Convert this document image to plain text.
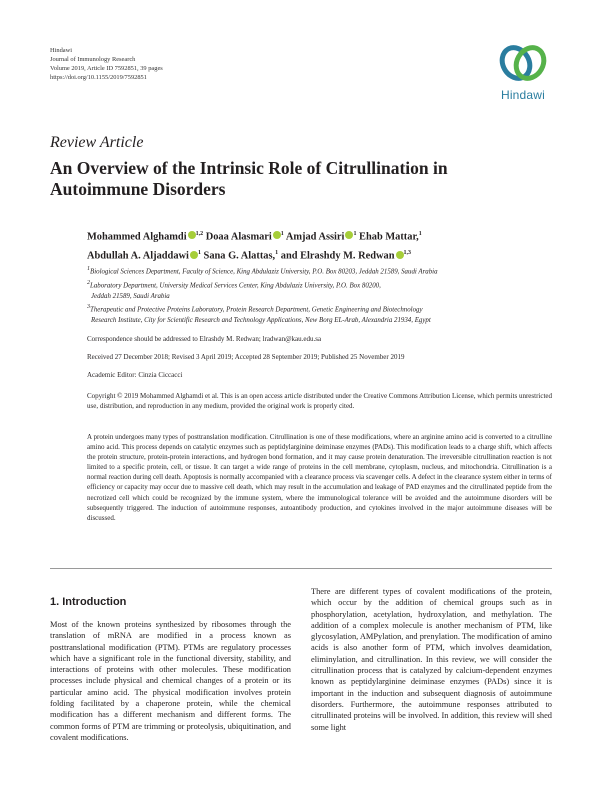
Hindawi
Journal of Immunology Research
Volume 2019, Article ID 7592851, 39 pages
https://doi.org/10.1155/2019/7592851
Hindawi
Review Article
An Overview of the Intrinsic Role of Citrullination in Autoimmune Disorders
Mohammed Alghamdi $^{1,2}$ Doaa Alasmari $^1$ Amjad Assiri $^1$ Ehab Mattar,$^1$
Abdullah A. Aljaddawi $^1$ Sana G. Alattas,$^1$ and Elrashdy M. Redwan $^{1,3}$

$^1$Biological Sciences Department, Faculty of Science, King Abdulaziz University, P.O. Box 80203, Jeddah 21589, Saudi Arabia

$^2$Laboratory Department, University Medical Services Center, King Abdulaziz University, P.O. Box 80200,

Jeddah 21589, Saudi Arabia

$^3$Therapeutic and Protective Proteins Laboratory, Protein Research Department, Genetic Engineering and Biotechnology

Research Institute, City for Scientific Research and Technology Applications, New Borg EL-Arab, Alexandria 21934, Egypt

Correspondence should be addressed to Elrashdy M. Redwan; lradwan@kau.edu.sa
Received 27 December 2018; Revised 3 April 2019; Accepted 28 September 2019; Published 25 November 2019
Academic Editor: Cinzia Ciccacci

Copyright © 2019 Mohammed Alghamdi et al. This is an open access article distributed under the Creative Commons Attribution License, which permits unrestricted use, distribution, and reproduction in any medium, provided the original work is properly cited.

A protein undergoes many types of posttranslation modification. Citrullination is one of these modifications, where an arginine amino acid is converted to a citrulline amino acid. This process depends on catalytic enzymes such as peptidylarginine deiminase enzymes (PADs). This modification leads to a charge shift, which affects the protein structure, protein-protein interactions, and hydrogen bond formation, and it may cause protein denaturation. The irreversible citrullination reaction is not limited to a specific protein, cell, or tissue. It can target a wide range of proteins in the cell membrane, cytoplasm, nucleus, and mitochondria. Citrullination is a normal reaction during cell death. Apoptosis is normally accompanied with a clearance process via scavenger cells. A defect in the clearance system either in terms of efficiency or capacity may occur due to massive cell death, which may result in the accumulation and leakage of PAD enzymes and the citrullinated peptide from the necrotized cell which could be recognized by the immune system, where the immunological tolerance will be avoided and the autoimmune disorders will be subsequently triggered. The induction of autoimmune responses, autoantibody production, and cytokines involved in the major autoimmune diseases will be discussed.

1. Introduction

Most of the known proteins synthesized by ribosomes through the translation of mRNA are modified in a process known as posttranslational modification (PTM). PTMs are regulatory processes which have a significant role in the functional diversity, stability, and interactions of proteins with other molecules. These modification processes include physical and chemical changes of a protein or its particular amino acid. The physical modification involves protein folding facilitated by a chaperone protein, while the chemical modification has a different mechanism and different forms. The common forms of PTM are trimming or proteolysis, ubiquitination, and covalent modifications.

There are different types of covalent modifications of the protein, which occur by the addition of chemical groups such as in phosphorylation, acetylation, hydroxylation, and methylation. The addition of a complex molecule is another mechanism of PTM, like glycosylation, AMPylation, and prenylation. The modification of amino acids is also another form of PTM, which involves deamidation, eliminylation, and citrullination. In this review, we will consider the citrullination process that is catalyzed by calcium-dependent enzymes known as peptidylarginine deiminase enzymes (PADs) since it is important in the induction and subsequent diagnosis of autoimmune disorders. Furthermore, the autoimmune responses attributed to citrullinated proteins will be involved. In addition, this review will shed some light
